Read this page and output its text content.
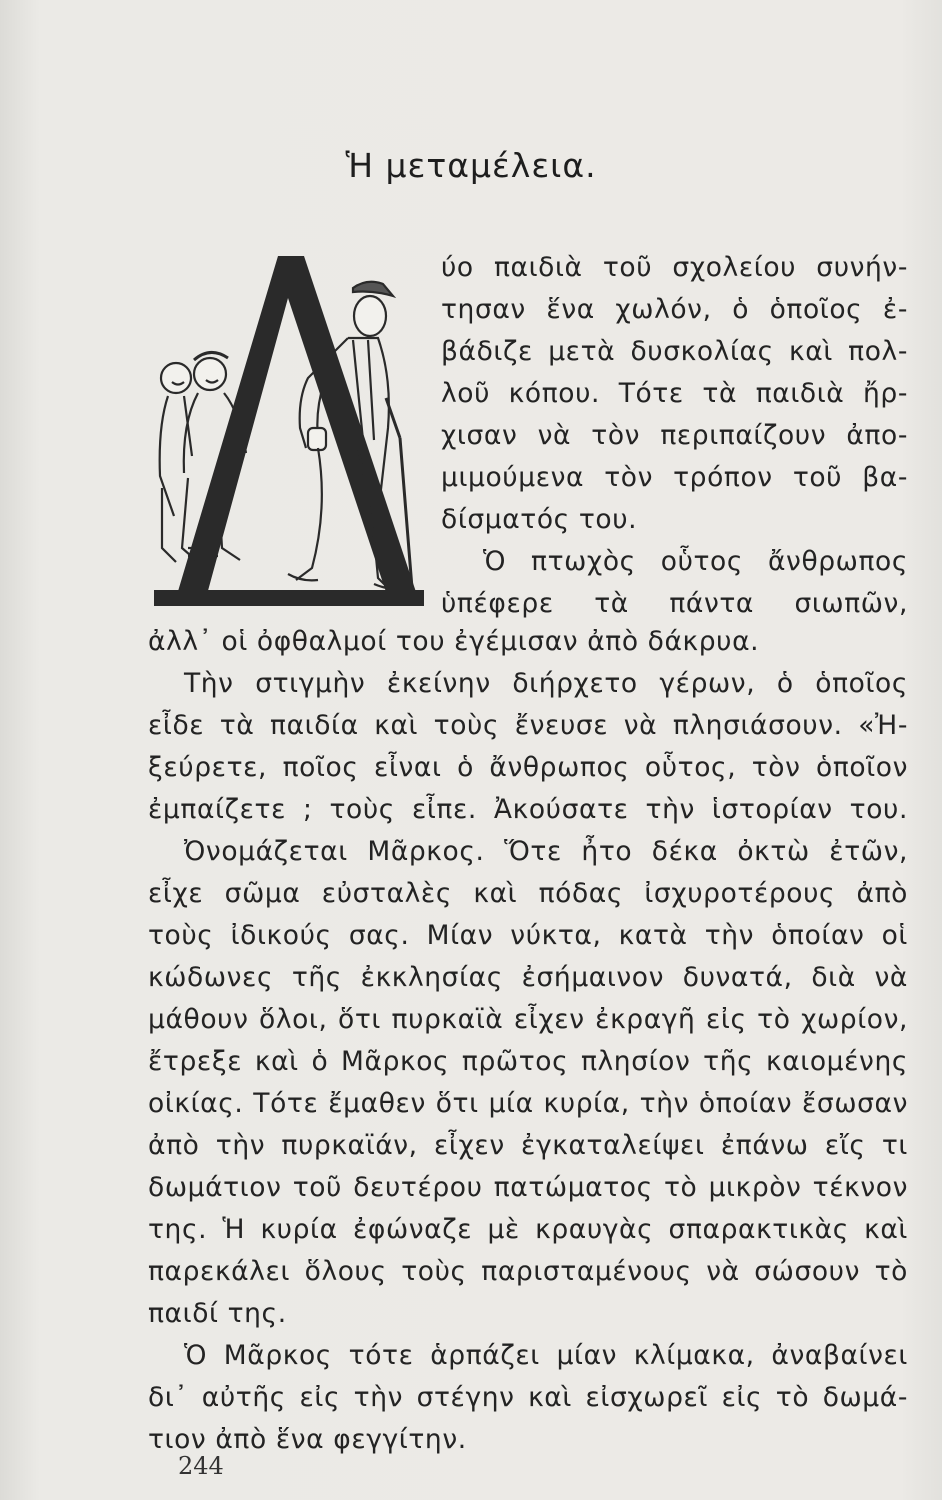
Ἡ μεταμέλεια.
ύο παιδιὰ τοῦ σχολείου συνήν-
τησαν ἕνα χωλόν, ὁ ὁποῖος ἐ-
βάδιζε μετὰ δυσκολίας καὶ πολ-
λοῦ κόπου. Τότε τὰ παιδιὰ ἤρ-
χισαν νὰ τὸν περιπαίζουν ἀπο-
μιμούμενα τὸν τρόπον τοῦ βα-
δίσματός του.
Ὁ πτωχὸς οὗτος ἄνθρωπος
ὑπέφερε τὰ πάντα σιωπῶν,
ἀλλ᾽ οἱ ὀφθαλμοί του ἐγέμισαν ἀπὸ δάκρυα.
Τὴν στιγμὴν ἐκείνην διήρχετο γέρων, ὁ ὁποῖος
εἶδε τὰ παιδία καὶ τοὺς ἔνευσε νὰ πλησιάσουν. «Ἠ-
ξεύρετε, ποῖος εἶναι ὁ ἄνθρωπος οὗτος, τὸν ὁποῖον
ἐμπαίζετε ; τοὺς εἶπε. Ἀκούσατε τὴν ἱστορίαν του.
Ὀνομάζεται Μᾶρκος. Ὅτε ἦτο δέκα ὀκτὼ ἐτῶν,
εἶχε σῶμα εὐσταλὲς καὶ πόδας ἰσχυροτέρους ἀπὸ
τοὺς ἰδικούς σας. Μίαν νύκτα, κατὰ τὴν ὁποίαν οἱ
κώδωνες τῆς ἐκκλησίας ἐσήμαινον δυνατά, διὰ νὰ
μάθουν ὅλοι, ὅτι πυρκαϊὰ εἶχεν ἐκραγῆ εἰς τὸ χωρίον,
ἔτρεξε καὶ ὁ Μᾶρκος πρῶτος πλησίον τῆς καιομένης
οἰκίας. Τότε ἔμαθεν ὅτι μία κυρία, τὴν ὁποίαν ἔσωσαν
ἀπὸ τὴν πυρκαϊάν, εἶχεν ἐγκαταλείψει ἐπάνω εἴς τι
δωμάτιον τοῦ δευτέρου πατώματος τὸ μικρὸν τέκνον
της. Ἡ κυρία ἐφώναζε μὲ κραυγὰς σπαρακτικὰς καὶ
παρεκάλει ὅλους τοὺς παρισταμένους νὰ σώσουν τὸ
παιδί της.
Ὁ Μᾶρκος τότε ἁρπάζει μίαν κλίμακα, ἀναβαίνει
δι᾽ αὐτῆς εἰς τὴν στέγην καὶ εἰσχωρεῖ εἰς τὸ δωμά-
τιον ἀπὸ ἕνα φεγγίτην.
244
